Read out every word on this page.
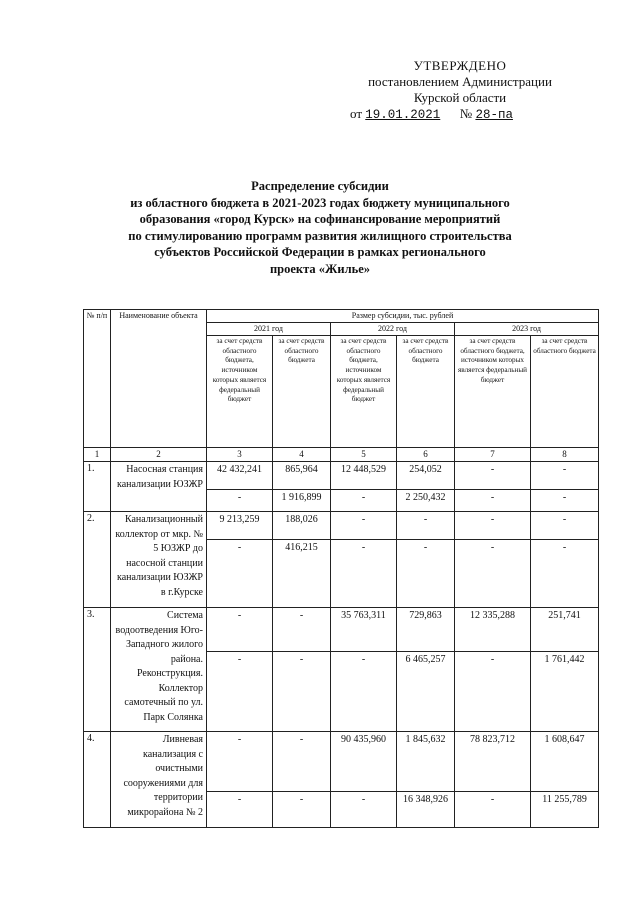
УТВЕРЖДЕНО
постановлением Администрации
Курской области
от 19.01.2021 № 28-па
Распределение субсидии
из областного бюджета в 2021-2023 годах бюджету муниципального
образования «город Курск» на софинансирование мероприятий
по стимулированию программ развития жилищного строительства
субъектов Российской Федерации в рамках регионального
проекта «Жилье»
№ п/п	Наименование объекта	Размер субсидии, тыс. рублей					
		2021 год		2022 год		2023 год	
		за счет средств областного бюджета, источником которых является федеральный бюджет	за счет средств областного бюджета	за счет средств областного бюджета, источником которых является федеральный бюджет	за счет средств областного бюджета	за счет средств областного бюджета, источником которых является федеральный бюджет	за счет средств областного бюджета
1	2	3	4	5	6	7	8
1.	Насосная станция канализации ЮЗЖР	42 432,241	865,964	12 448,529	254,052	-	-
		-	1 916,899	-	2 250,432	-	-
2.	Канализационный коллектор от мкр. № 5 ЮЗЖР до насосной станции канализации ЮЗЖР в г.Курске	9 213,259	188,026	-	-	-	-
		-	416,215	-	-	-	-
3.	Система водоотведения Юго-Западного жилого района. Реконструкция. Коллектор самотечный по ул. Парк Солянка	-	-	35 763,311	729,863	12 335,288	251,741
		-	-	-	6 465,257	-	1 761,442
4.	Ливневая канализация с очистными сооружениями для территории микрорайона № 2	-	-	90 435,960	1 845,632	78 823,712	1 608,647
		-	-	-	16 348,926	-	11 255,789
